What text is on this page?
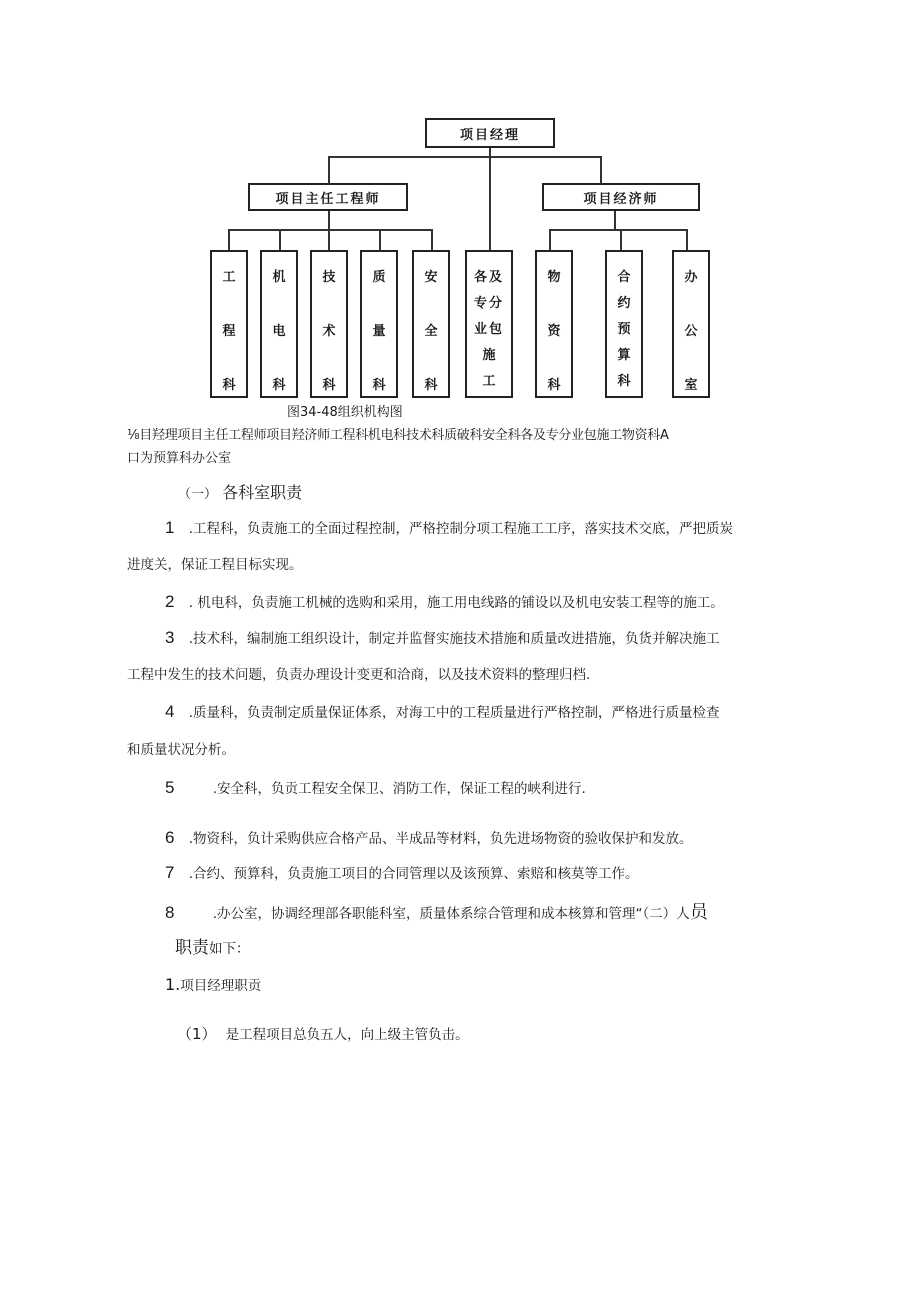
项目经理
项目主任工程师	项目经济师
工
程
科
机
电
科
技
术
科
质
量
科
安
全
科
各及
专分
业包
施
工
物
资
科
合
约
预
算
科
办
公
室
图34-48组织机构图
⅛目羟理项目主任工程师项目羟济师工程科机电科技术科质破科安全科各及专分业包施工物资科A
口为预算科办公室
（一） 各科室职责
1 .工程科，负责施工的全面过程控制，严格控制分项工程施工工序，落实技术交底，严把质炭
进度关，保证工程目标实现。
2 . 机电科，负责施工机械的选购和采用，施工用电线路的铺设以及机电安装工程等的施工。
3 .技术科，编制施工组织设计，制定并监督实施技术措施和质量改进措施，负货并解决施工
工程中发生的技术问题，负责办理设计变更和洽商，以及技术资料的整理归档.
4 .质量科，负责制定质量保证体系，对海工中的工程质量进行严格控制，严格进行质量检查
和质量状况分析。
5	.安全科，负贡工程安全保卫、消防工作，保证工程的峡利进行.
6 .物资科，负计采购供应合格产品、半成品等材料，负先进场物资的验收保护和发放。
7 .合约、预算科，负责施工项目的合同管理以及该预算、索赔和核莫等工作。
8	.办公室，协调经理部各职能科室，质量体系综合管理和成本核算和管理“（二）人员
职责如下：
1.项目经理职贡
（1） 是工程项目总负五人，向上级主管负击。
